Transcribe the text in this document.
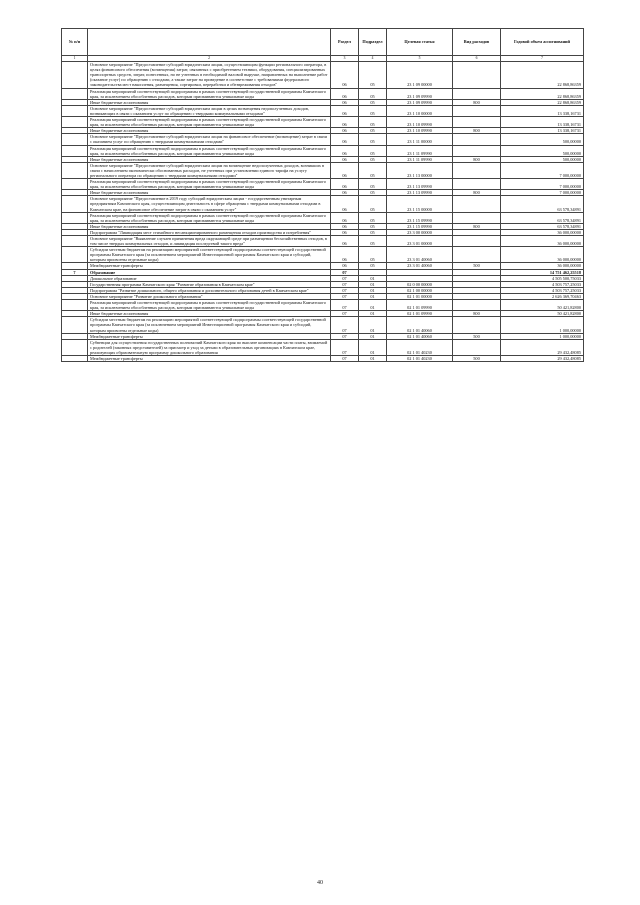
№ п/п		Раздел	Подраздел	Целевая статья	Вид расходов	Годовой объем ассигнований
1	2	3	4	5	6	7
	Основное мероприятие "Предоставление субсидий юридическим лицам, осуществляющим функции регионального оператора, в целях финансового обеспечения (возмещения) затрат, связанных с приобретением техники, оборудования, специализированных транспортных средств, затрат, понесенных, но не учтенных в необходимой валовой выручке, направленных на выполнение работ (оказание услуг) по обращению с отходами, а также затрат на приведение в соответствие с требованиями федерального законодательства мест накопления, размещения, сортировки, переработки и обезвреживания отходов"	06	05	23 1 09 00000		22 868,86359
	Реализация мероприятий соответствующей подпрограммы в рамках соответствующей государственной программы Камчатского края, за исключением обособленных расходов, которым присваиваются уникальные коды	06	05	23 1 09 09990		22 868,86359
	Иные бюджетные ассигнования	06	05	23 1 09 09990	800	22 868,86359
	Основное мероприятие "Предоставление субсидий юридическим лицам в целях возмещения недополученных доходов, возникающих в связи с оказанием услуг по обращению с твердыми коммунальными отходами"	06	05	23 1 10 00000		13 338,16731
	Реализация мероприятий соответствующей подпрограммы в рамках соответствующей государственной программы Камчатского края, за исключением обособленных расходов, которым присваиваются уникальные коды	06	05	23 1 10 09990		13 338,16731
	Иные бюджетные ассигнования	06	05	23 1 10 09990	800	13 338,16731
	Основное мероприятие "Предоставление субсидий юридическим лицам на финансовое обеспечение (возмещение) затрат в связи с оказанием услуг по обращению с твердыми коммунальными отходами"	06	05	23 1 11 00000		500,00000
	Реализация мероприятий соответствующей подпрограммы в рамках соответствующей государственной программы Камчатского края, за исключением обособленных расходов, которым присваиваются уникальные коды	06	05	23 1 11 09990		500,00000
	Иные бюджетные ассигнования	06	05	23 1 11 09990	800	500,00000
	Основное мероприятие "Предоставление субсидий юридическим лицам на возмещение недополученных доходов, возникших в связи с начислением экономически обоснованных расходов, не учтенных при установлении единого тарифа на услугу регионального оператора по обращению с твердыми коммунальными отходами"	06	05	23 1 13 00000		7 000,00000
	Реализация мероприятий соответствующей подпрограммы в рамках соответствующей государственной программы Камчатского края, за исключением обособленных расходов, которым присваиваются уникальные коды	06	05	23 1 13 09990		7 000,00000
	Иные бюджетные ассигнования	06	05	23 1 13 09990	800	7 000,00000
	Основное мероприятие "Предоставление в 2019 году субсидий юридическим лицам - государственным унитарным предприятиям Камчатского края, осуществляющим деятельность в сфере обращения с твердыми коммунальными отходами в Камчатском крае, на финансовое обеспечение затрат в связи с оказанием услуг"	06	05	23 1 15 00000		63 578,34891
	Реализация мероприятий соответствующей подпрограммы в рамках соответствующей государственной программы Камчатского края, за исключением обособленных расходов, которым присваиваются уникальные коды	06	05	23 1 15 09990		63 578,34891
	Иные бюджетные ассигнования	06	05	23 1 15 09990	800	63 578,34891
	Подпрограмма "Ликвидация мест стихийного несанкционированного размещения отходов производства и потребления"	06	05	23 3 00 00000		36 000,00000
	Основное мероприятие "Выявление случаев причинения вреда окружающей среде при размещении бесхозяйственных отходов, в том числе твердых коммунальных отходов, и ликвидация последствий такого вреда"	06	05	23 3 01 00000		36 000,00000
	Субсидии местным бюджетам на реализацию мероприятий соответствующей подпрограммы соответствующей государственной программы Камчатского края (за исключением мероприятий Инвестиционной программы Камчатского края и субсидий, которым присвоены отдельные коды)	06	05	23 3 01 40060		36 000,00000
	Межбюджетные трансферты	06	05	23 3 01 40060	500	36 000,00000
7	Образование	07				14 751 462,25518
	Дошкольное образование	07	01			4 505 500,75033
	Государственная программа Камчатского края "Развитие образования в Камчатском крае"	07	01	02 0 00 00000		4 503 757,25033
	Подпрограмма "Развитие дошкольного, общего образования и дополнительного образования детей в Камчатском крае"	07	01	02 1 00 00000		4 503 757,25033
	Основное мероприятие "Развитие дошкольного образования"	07	01	02 1 01 00000		2 626 369,70463
	Реализация мероприятий соответствующей подпрограммы в рамках соответствующей государственной программы Камчатского края, за исключением обособленных расходов, которым присваиваются уникальные коды	07	01	02 1 01 09990		50 421,82800
	Иные бюджетные ассигнования	07	01	02 1 01 09990	800	50 421,82800
	Субсидии местным бюджетам на реализацию мероприятий соответствующей подпрограммы соответствующей государственной программы Камчатского края (за исключением мероприятий Инвестиционной программы Камчатского края и субсидий, которым присвоены отдельные коды)	07	01	02 1 01 40060		1 000,00000
	Межбюджетные трансферты	07	01	02 1 01 40060	500	1 000,00000
	Субвенции для осуществления государственных полномочий Камчатского края по выплате компенсации части платы, взимаемой с родителей (законных представителей) за присмотр и уход за детьми в образовательных организациях в Камчатском крае, реализующих образовательную программу дошкольного образования	07	01	02 1 01 40230		29 432,48085
	Межбюджетные трансферты	07	01	02 1 01 40230	500	29 432,48085
40
